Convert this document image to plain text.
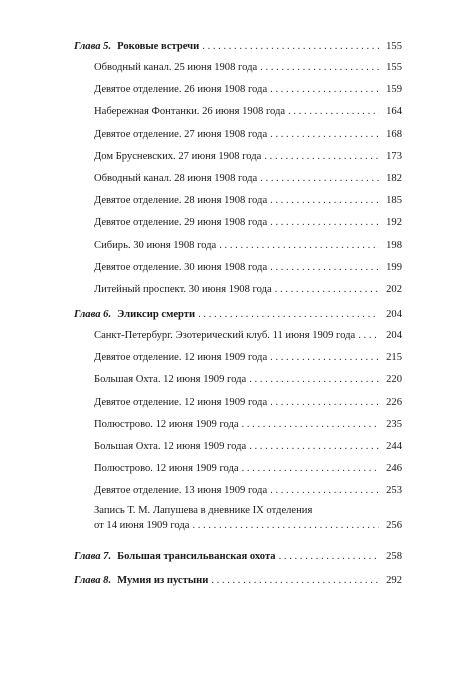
Глава 5. Роковые встречи . . .	155
Обводный канал. 25 июня 1908 года . . .	155
Девятое отделение. 26 июня 1908 года . . .	159
Набережная Фонтанки. 26 июня 1908 года . . .	164
Девятое отделение. 27 июня 1908 года . . .	168
Дом Брусневских. 27 июня 1908 года . . .	173
Обводный канал. 28 июня 1908 года . . .	182
Девятое отделение. 28 июня 1908 года . . .	185
Девятое отделение. 29 июня 1908 года . . .	192
Сибирь. 30 июня 1908 года . . .	198
Девятое отделение. 30 июня 1908 года . . .	199
Литейный проспект. 30 июня 1908 года . . .	202
Глава 6. Эликсир смерти . . .	204
Санкт-Петербург. Эзотерический клуб. 11 июня 1909 года . . .	204
Девятое отделение. 12 июня 1909 года . . .	215
Большая Охта. 12 июня 1909 года . . .	220
Девятое отделение. 12 июня 1909 года . . .	226
Полюстрово. 12 июня 1909 года . . .	235
Большая Охта. 12 июня 1909 года . . .	244
Полюстрово. 12 июня 1909 года . . .	246
Девятое отделение. 13 июня 1909 года . . .	253
Запись Т. М. Лапушева в дневнике IX отделения
от 14 июня 1909 года . . .	256
Глава 7. Большая трансильванская охота . . .	258
Глава 8. Мумия из пустыни . . .	292
